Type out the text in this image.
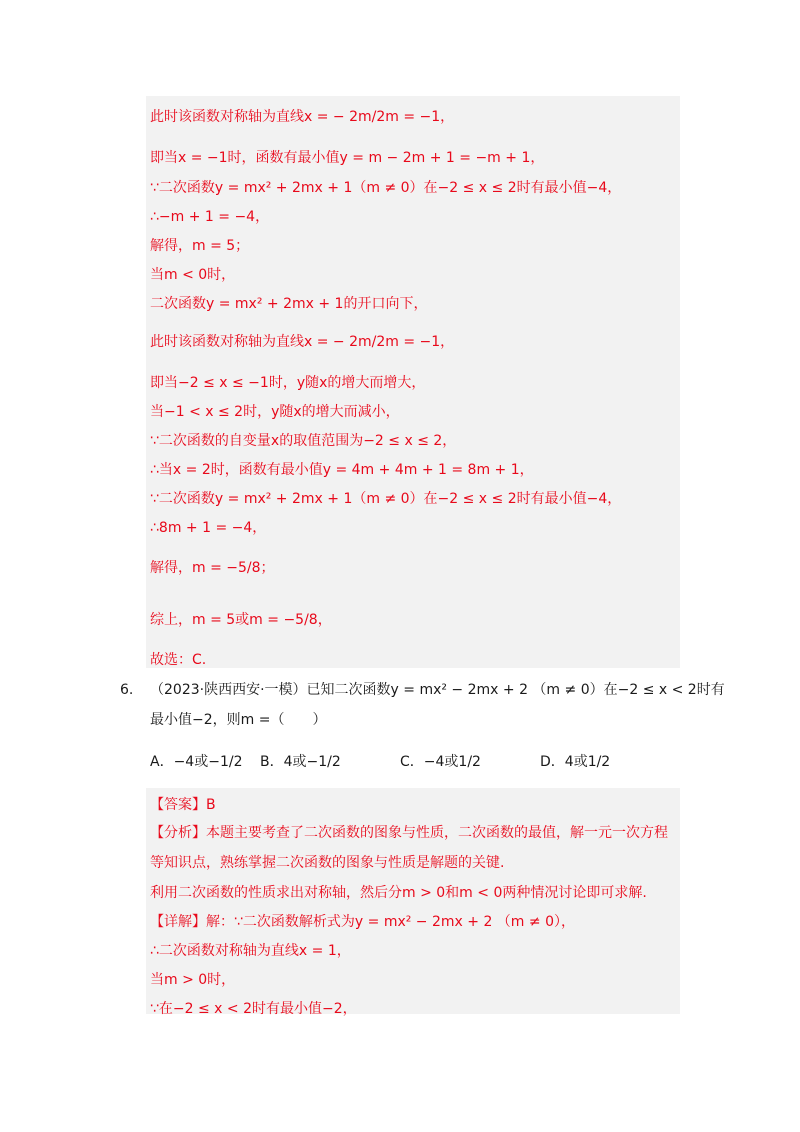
此时该函数对称轴为直线x = − 2m/2m = −1，
即当x = −1时，函数有最小值y = m − 2m + 1 = −m + 1，
∵二次函数y = mx² + 2mx + 1（m ≠ 0）在−2 ≤ x ≤ 2时有最小值−4，
∴−m + 1 = −4，
解得，m = 5；
当m < 0时，
二次函数y = mx² + 2mx + 1的开口向下，
此时该函数对称轴为直线x = − 2m/2m = −1，
即当−2 ≤ x ≤ −1时，y随x的增大而增大，
当−1 < x ≤ 2时，y随x的增大而减小，
∵二次函数的自变量x的取值范围为−2 ≤ x ≤ 2，
∴当x = 2时，函数有最小值y = 4m + 4m + 1 = 8m + 1，
∵二次函数y = mx² + 2mx + 1（m ≠ 0）在−2 ≤ x ≤ 2时有最小值−4，
∴8m + 1 = −4，
解得，m = −5/8；
综上，m = 5或m = −5/8，
故选：C.
6. （2023·陕西西安·一模）已知二次函数y = mx² − 2mx + 2 （m ≠ 0）在−2 ≤ x < 2时有
最小值−2，则m =（　　）
A．−4或−1/2 B．4或−1/2	C．−4或1/2	D．4或1/2
【答案】B
【分析】本题主要考查了二次函数的图象与性质，二次函数的最值，解一元一次方程
等知识点，熟练掌握二次函数的图象与性质是解题的关键.
利用二次函数的性质求出对称轴，然后分m > 0和m < 0两种情况讨论即可求解.
【详解】解：∵二次函数解析式为y = mx² − 2mx + 2 （m ≠ 0），
∴二次函数对称轴为直线x = 1，
当m > 0时，
∵在−2 ≤ x < 2时有最小值−2，
